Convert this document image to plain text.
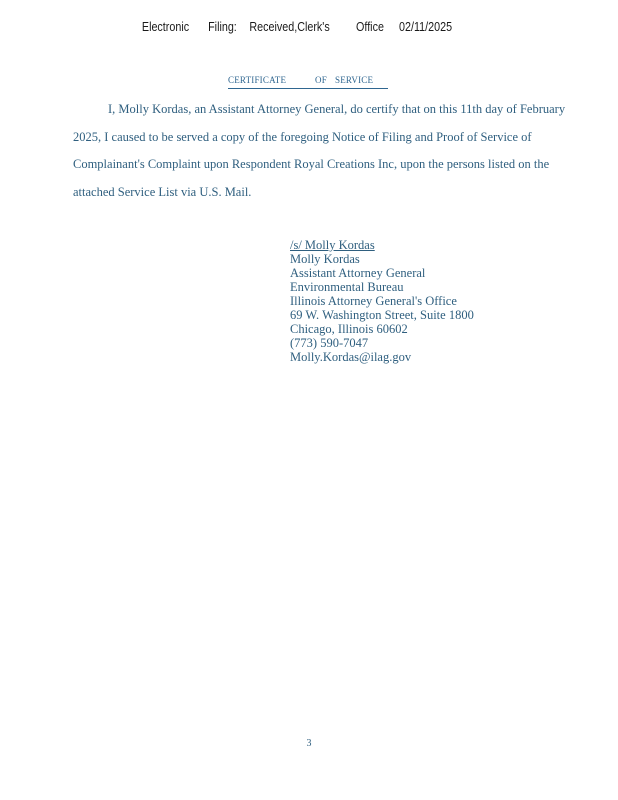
Electronic Filing: Received,Clerk's Office 02/11/2025
CERTIFICATE	OF SERVICE
I, Molly Kordas, an Assistant Attorney General, do certify that on this 11th day of February
2025, I caused to be served a copy of the foregoing Notice of Filing and Proof of Service of
Complainant's Complaint upon Respondent Royal Creations Inc, upon the persons listed on the
attached Service List via U.S. Mail.
/s/ Molly Kordas
Molly Kordas
Assistant Attorney General
Environmental Bureau
Illinois Attorney General's Office
69 W. Washington Street, Suite 1800
Chicago, Illinois 60602
(773) 590-7047
Molly.Kordas@ilag.gov
3
